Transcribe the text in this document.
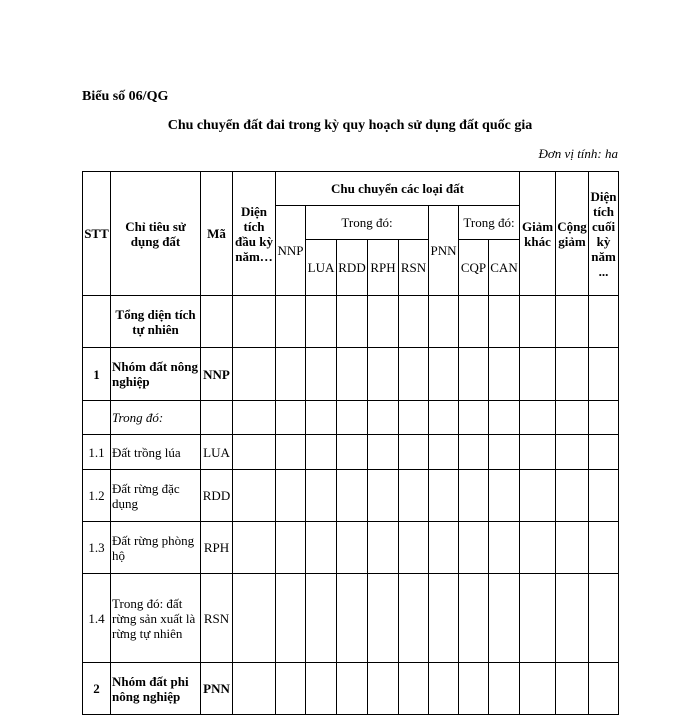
Biểu số 06/QG
Chu chuyển đất đai trong kỳ quy hoạch sử dụng đất quốc gia
Đơn vị tính: ha
STT	Chỉ tiêu sử dụng đất	Mã	Diện tích đầu kỳ năm…	Chu chuyển các loại đất								Giảm khác	Cộng giảm	Diện tích cuối kỳ năm ...
				NNP	Trong đó:				PNN	Trong đó:				
					LUA	RDD	RPH	RSN		CQP	CAN			
	Tổng diện tích tự nhiên													
1	Nhóm đất nông nghiệp	NNP												
	Trong đó:													
1.1	Đất trồng lúa	LUA												
1.2	Đất rừng đặc dụng	RDD												
1.3	Đất rừng phòng hộ	RPH												
1.4	Trong đó: đất rừng sản xuất là rừng tự nhiên	RSN												
2	Nhóm đất phi nông nghiệp	PNN												
